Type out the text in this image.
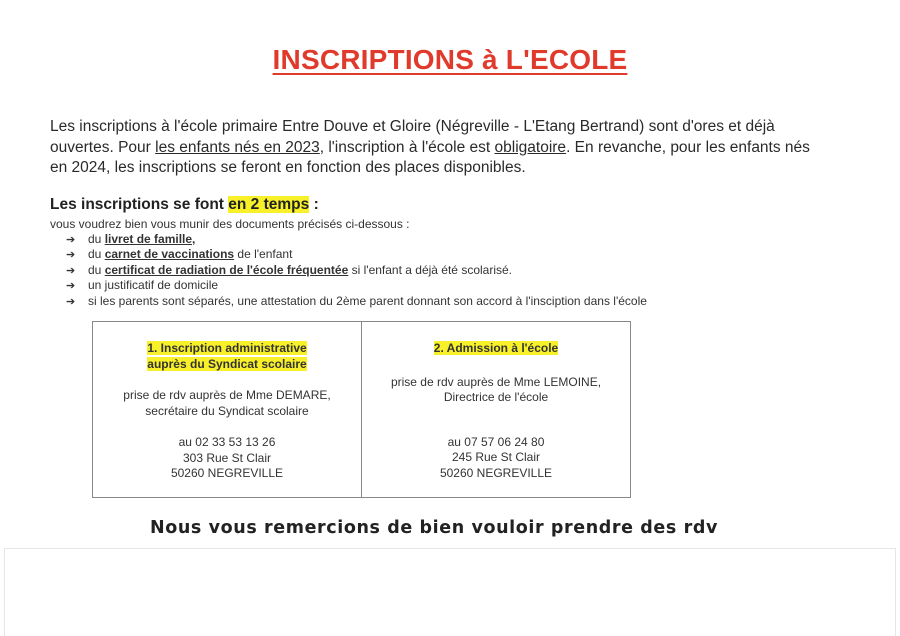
INSCRIPTIONS à L'ECOLE
Les inscriptions à l'école primaire Entre Douve et Gloire (Négreville - L'Etang Bertrand) sont d'ores et déjà ouvertes. Pour les enfants nés en 2023, l'inscription à l'école est obligatoire. En revanche, pour les enfants nés en 2024, les inscriptions se feront en fonction des places disponibles.
Les inscriptions se font en 2 temps :
vous voudrez bien vous munir des documents précisés ci-dessous :
➔ du livret de famille,
➔ du carnet de vaccinations de l'enfant
➔ du certificat de radiation de l'école fréquentée si l'enfant a déjà été scolarisé.
➔ un justificatif de domicile
➔ si les parents sont séparés, une attestation du 2ème parent donnant son accord à l'insciption dans l'école
1. Inscription administrative
auprès du Syndicat scolaire
prise de rdv auprès de Mme DEMARE,
secrétaire du Syndicat scolaire
au 02 33 53 13 26
303 Rue St Clair
50260 NEGREVILLE
2. Admission à l'école
prise de rdv auprès de Mme LEMOINE,
Directrice de l'école
au 07 57 06 24 80
245 Rue St Clair
50260 NEGREVILLE
Nous vous remercions de bien vouloir prendre des rdv
